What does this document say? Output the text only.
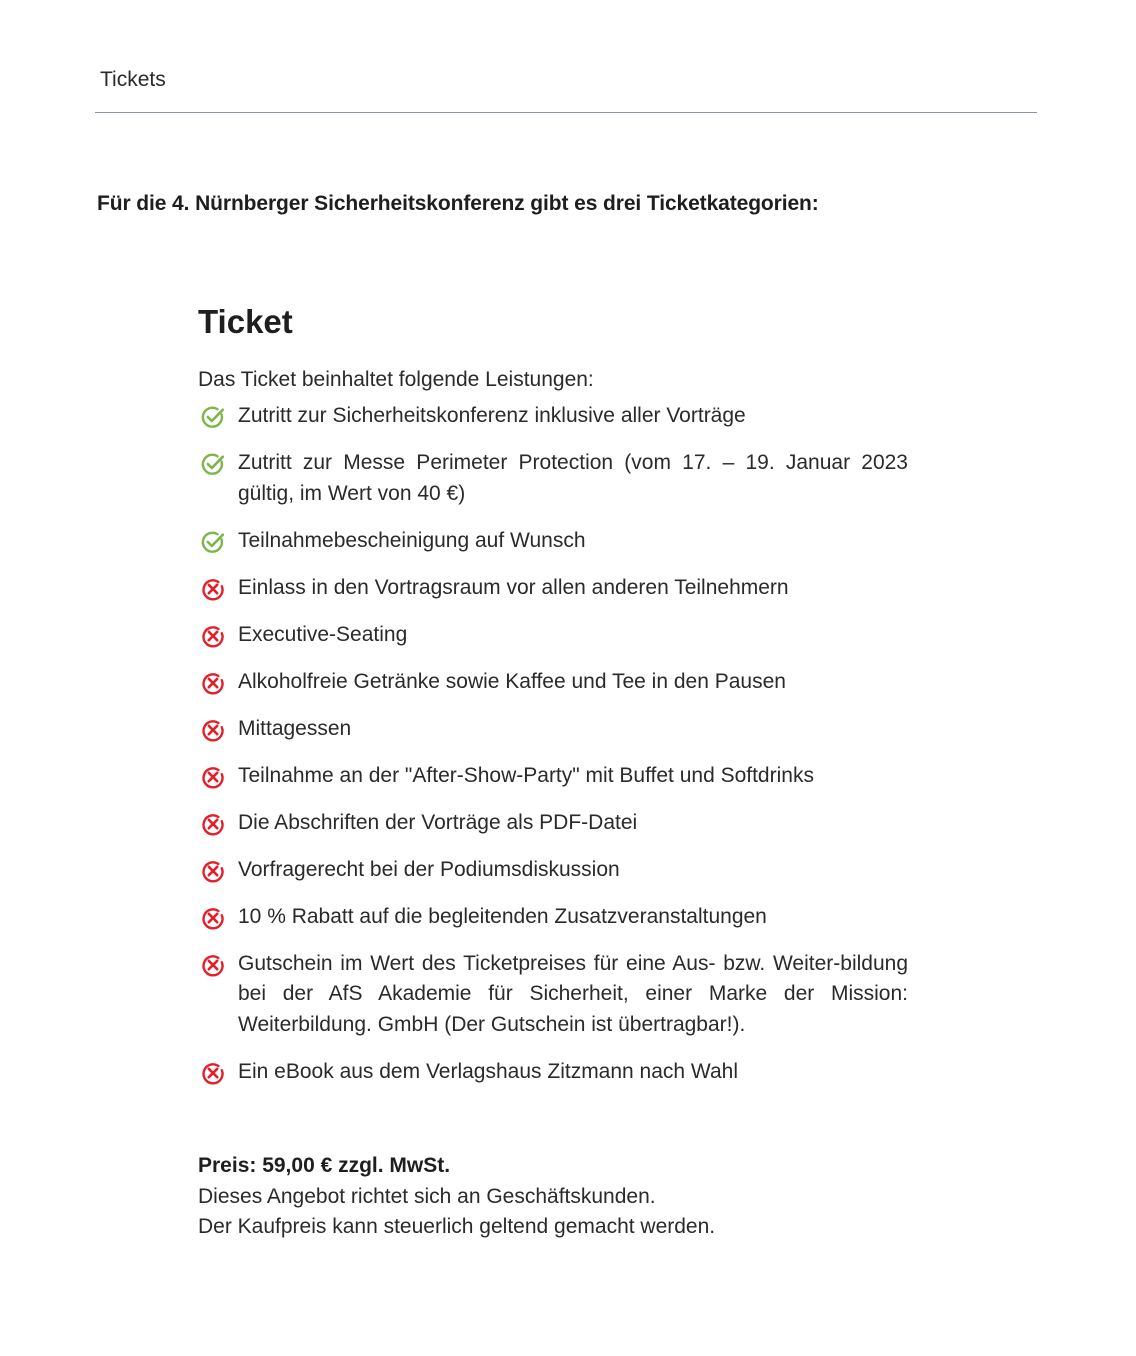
Tickets
Für die 4. Nürnberger Sicherheitskonferenz gibt es drei Ticketkategorien:
Ticket
Das Ticket beinhaltet folgende Leistungen:
Zutritt zur Sicherheitskonferenz inklusive aller Vorträge
Zutritt zur Messe Perimeter Protection (vom 17. – 19. Januar 2023 gültig, im Wert von 40 €)
Teilnahmebescheinigung auf Wunsch
Einlass in den Vortragsraum vor allen anderen Teilnehmern
Executive-Seating
Alkoholfreie Getränke sowie Kaffee und Tee in den Pausen
Mittagessen
Teilnahme an der "After-Show-Party" mit Buffet und Softdrinks
Die Abschriften der Vorträge als PDF-Datei
Vorfragerecht bei der Podiumsdiskussion
10 % Rabatt auf die begleitenden Zusatzveranstaltungen
Gutschein im Wert des Ticketpreises für eine Aus- bzw. Weiter-bildung bei der AfS Akademie für Sicherheit, einer Marke der Mission: Weiterbildung. GmbH (Der Gutschein ist übertragbar!).
Ein eBook aus dem Verlagshaus Zitzmann nach Wahl
Preis: 59,00 € zzgl. MwSt.
Dieses Angebot richtet sich an Geschäftskunden.
Der Kaufpreis kann steuerlich geltend gemacht werden.
